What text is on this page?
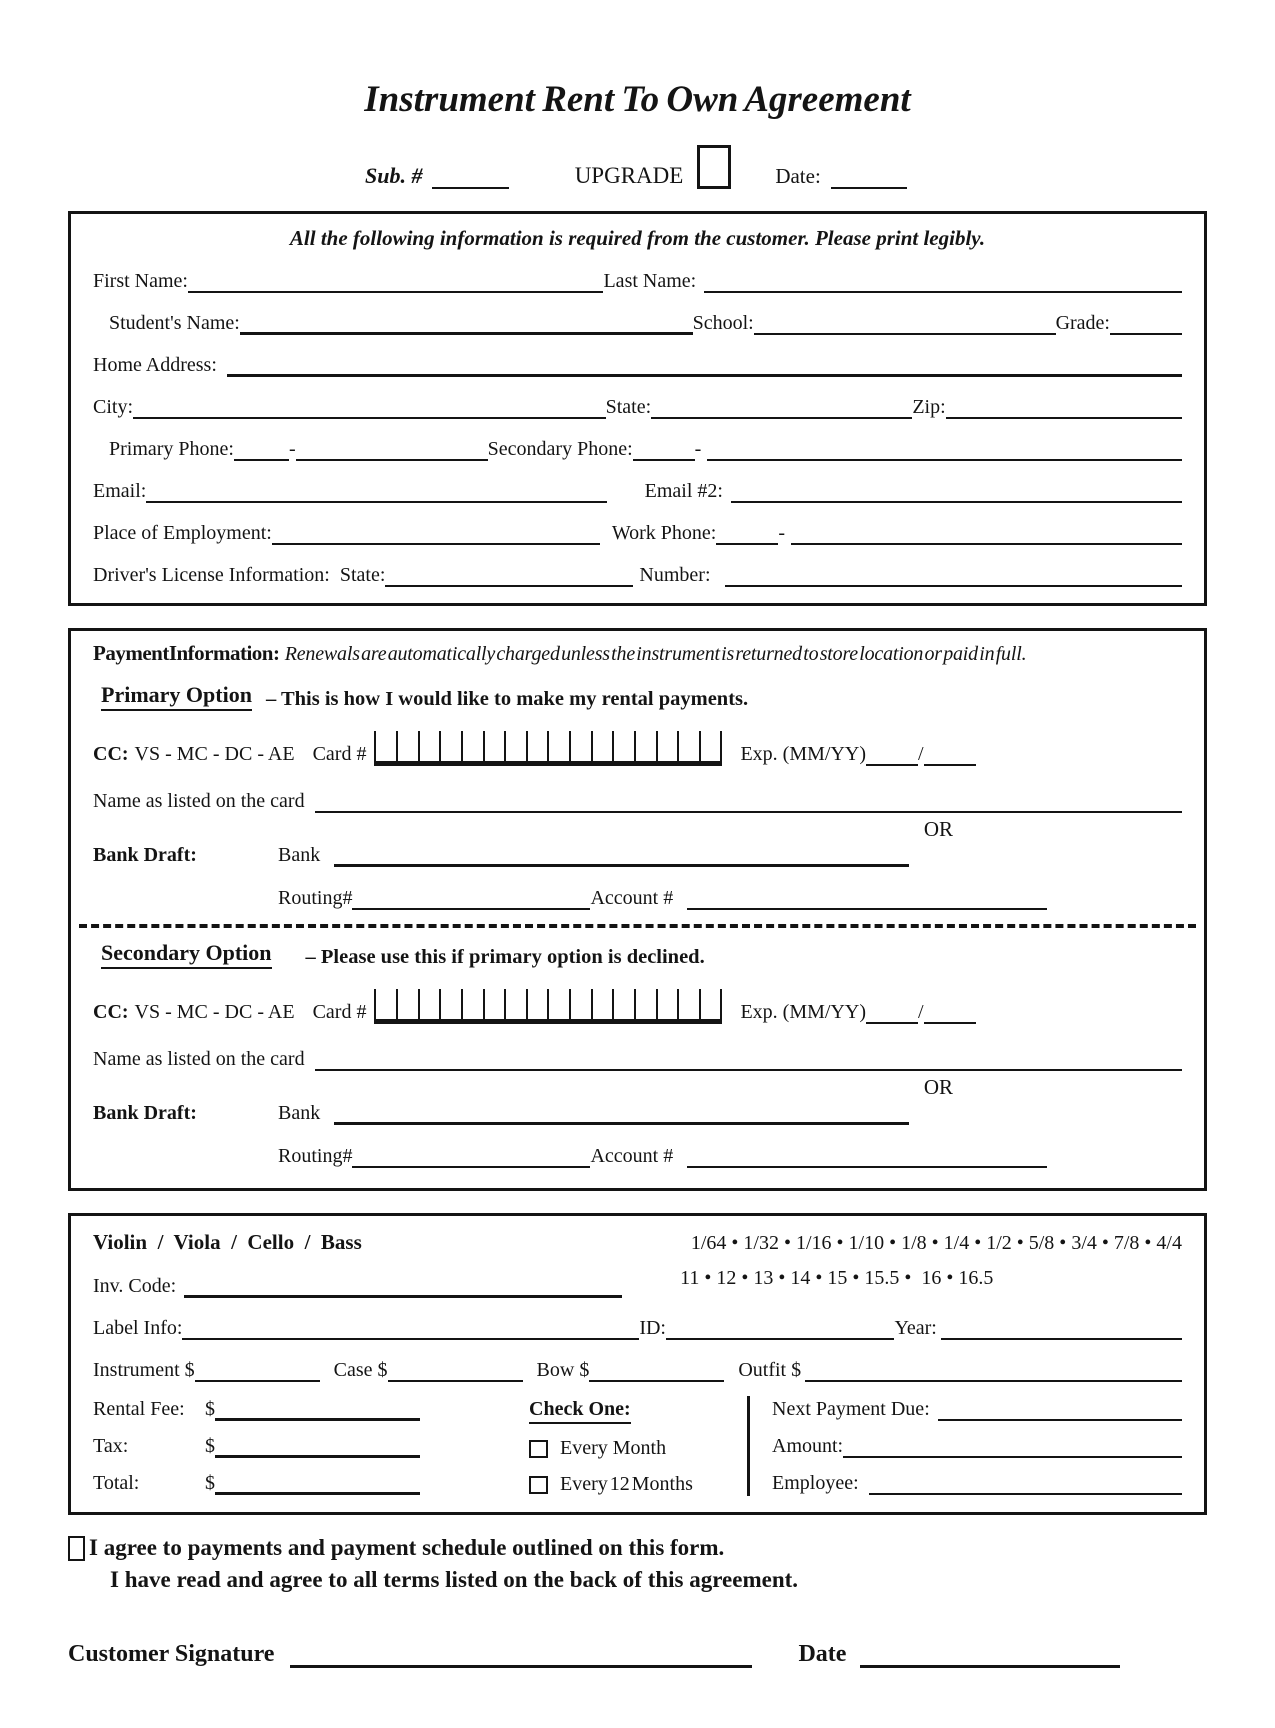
Instrument Rent To Own Agreement
Sub. #	UPGRADE	Date:
All the following information is required from the customer. Please print legibly.
First Name:	Last Name:
Student's Name:	School:	Grade:
Home Address:
City:	State:	Zip:
Primary Phone:	-	Secondary Phone:	-
Email:	Email #2:
Place of Employment:	Work Phone:	-
Driver's License Information: State:	Number:
PaymentInformation: Renewals are automatically charged unless the instrument is returned to store location or paid in full.
Primary Option – This is how I would like to make my rental payments.
CC: VS - MC - DC - AE Card #	Exp. (MM/YY)	/
Name as listed on the card
OR
Bank Draft:	Bank
Routing#	Account #
Secondary Option – Please use this if primary option is declined.
CC: VS - MC - DC - AE Card #	Exp. (MM/YY)	/
Name as listed on the card
OR
Bank Draft:	Bank
Routing#	Account #
Violin  /  Viola  /  Cello  /  Bass	1/64 • 1/32 • 1/16 • 1/10 • 1/8 • 1/4 • 1/2 • 5/8 • 3/4 • 7/8 • 4/4
Inv. Code:	11 • 12 • 13 • 14 • 15 • 15.5 •  16 • 16.5
Label Info:	ID:	Year:
Instrument $	Case $	Bow $	Outfit $
Rental Fee:	$
Tax:	$
Total:	$
Check One:
Every Month
Every 12 Months
Next Payment Due:
Amount:
Employee:
I agree to payments and payment schedule outlined on this form.
I have read and agree to all terms listed on the back of this agreement.
Customer Signature	Date
